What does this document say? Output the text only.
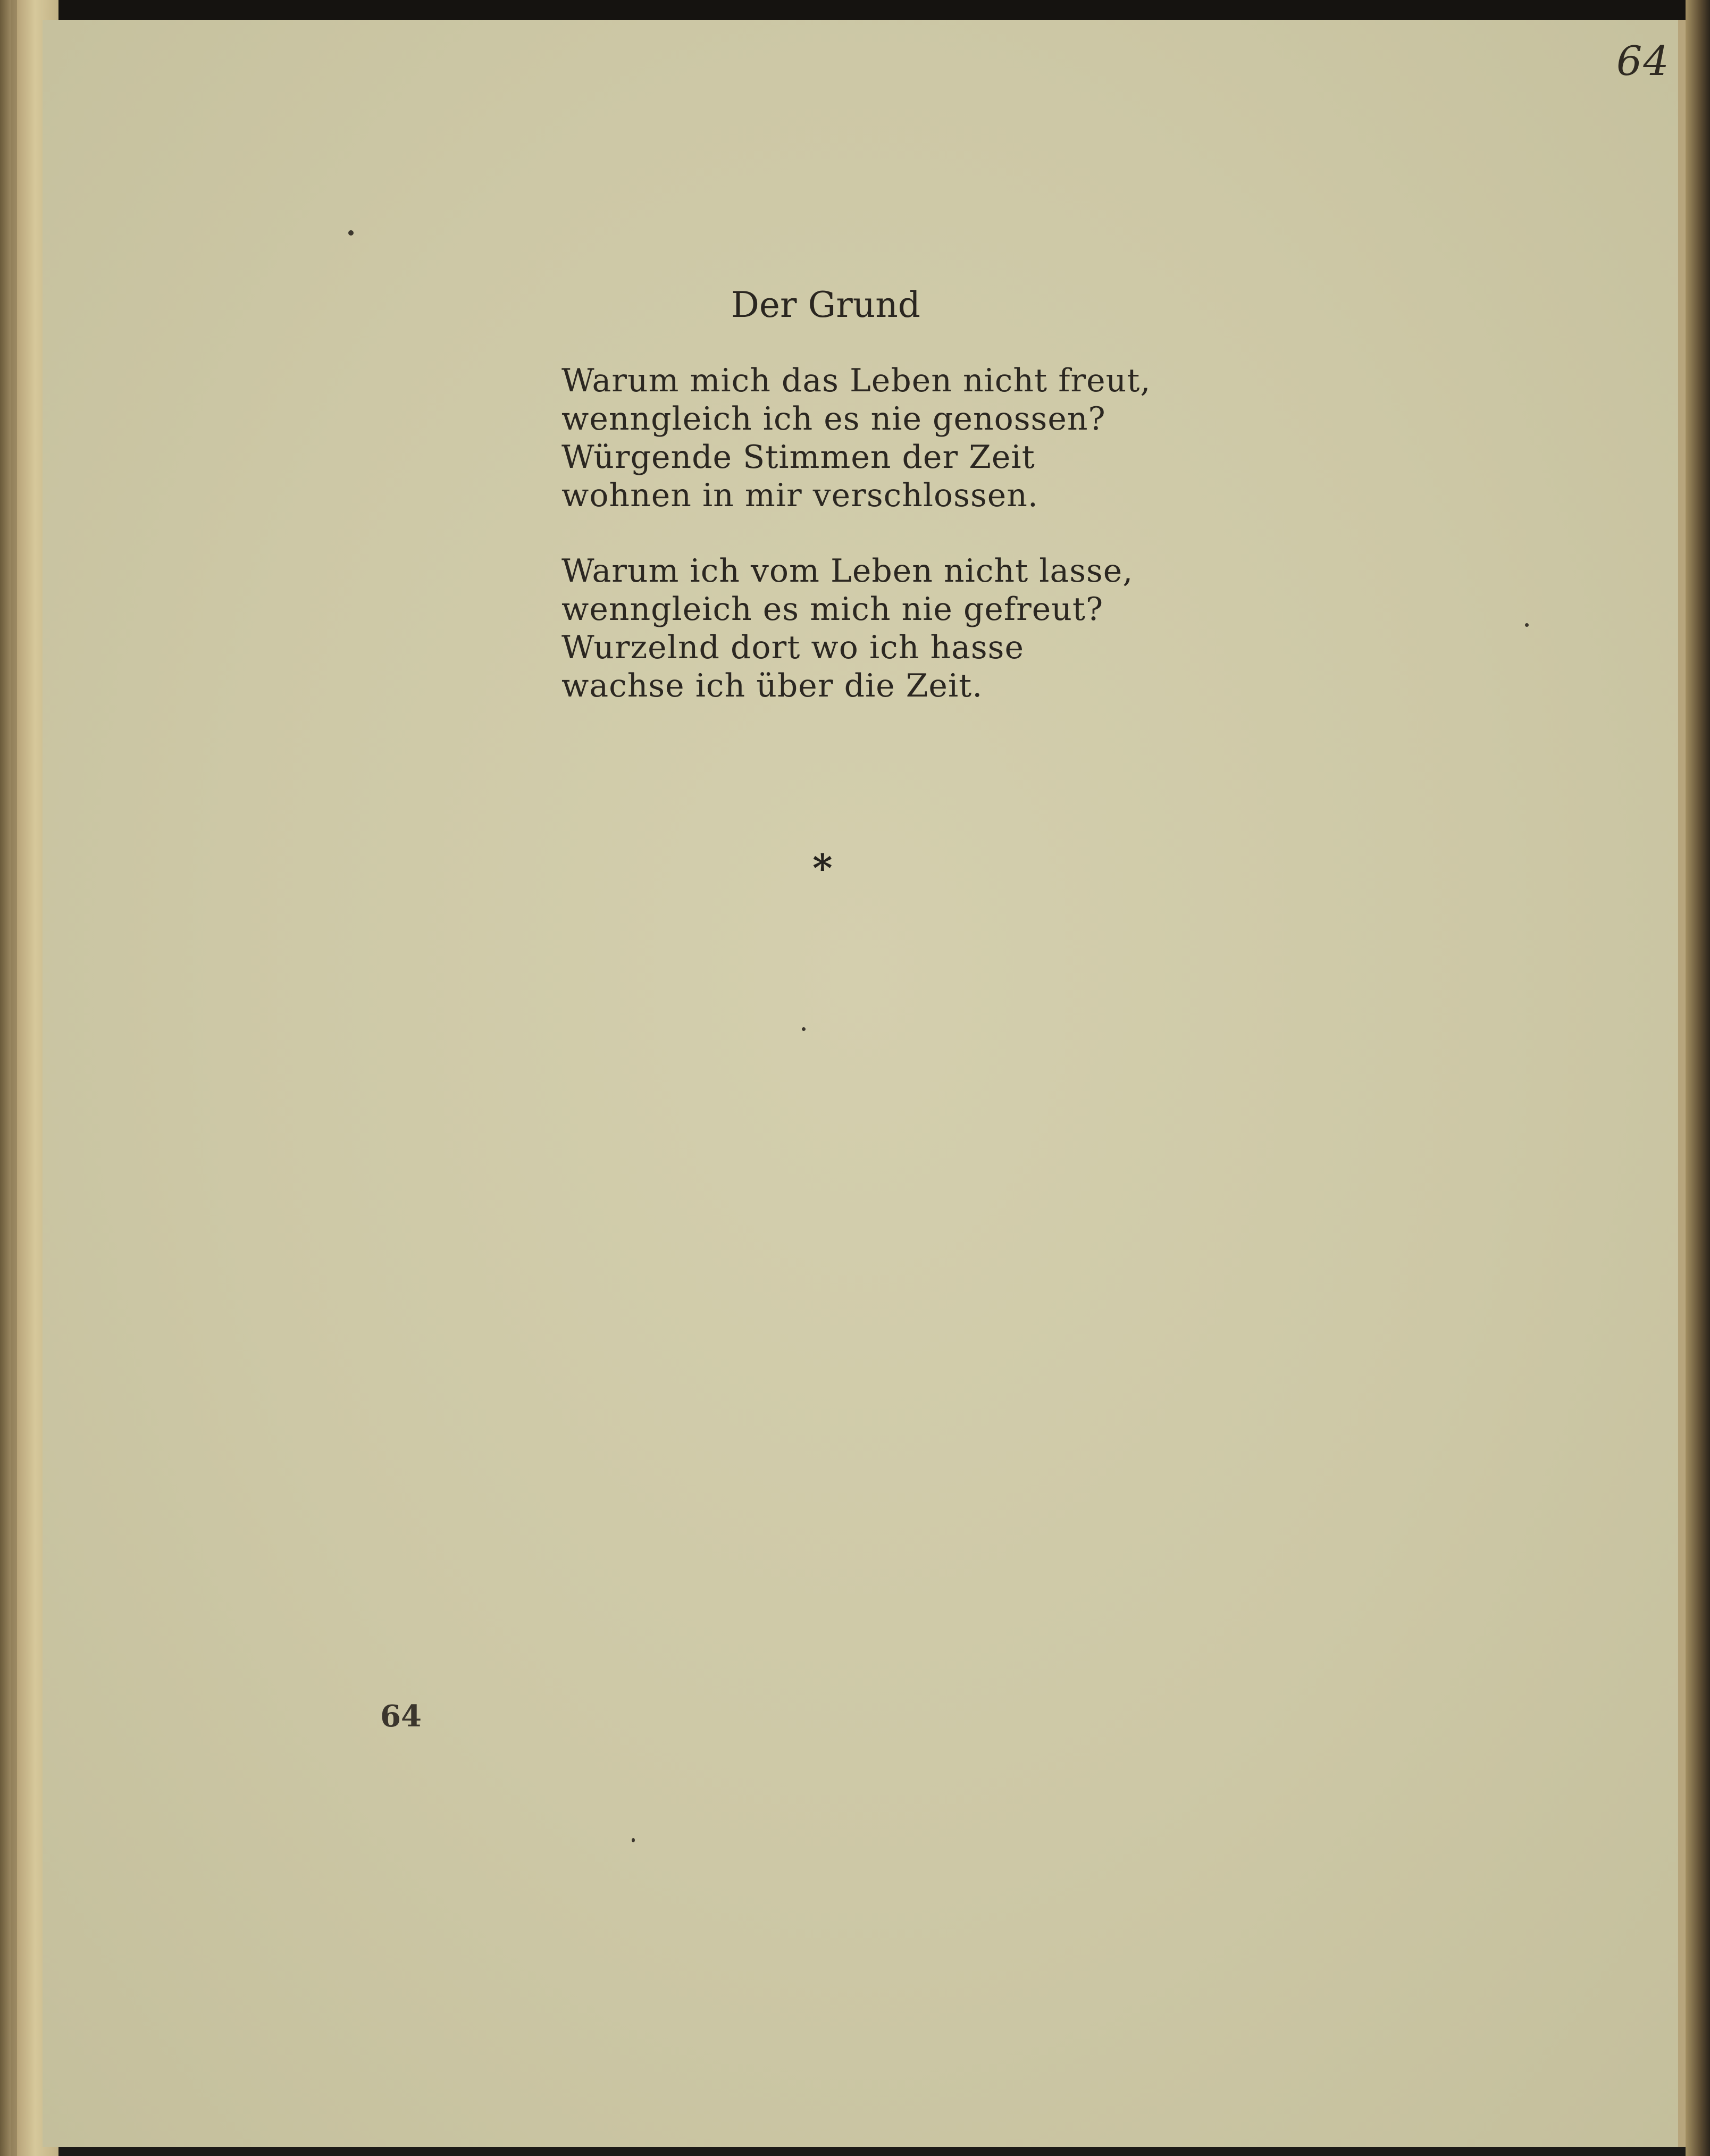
64
Der Grund
Warum mich das Leben nicht freut,
wenngleich ich es nie genossen?
Würgende Stimmen der Zeit
wohnen in mir verschlossen.
Warum ich vom Leben nicht lasse,
wenngleich es mich nie gefreut?
Wurzelnd dort wo ich hasse
wachse ich über die Zeit.
*
64
